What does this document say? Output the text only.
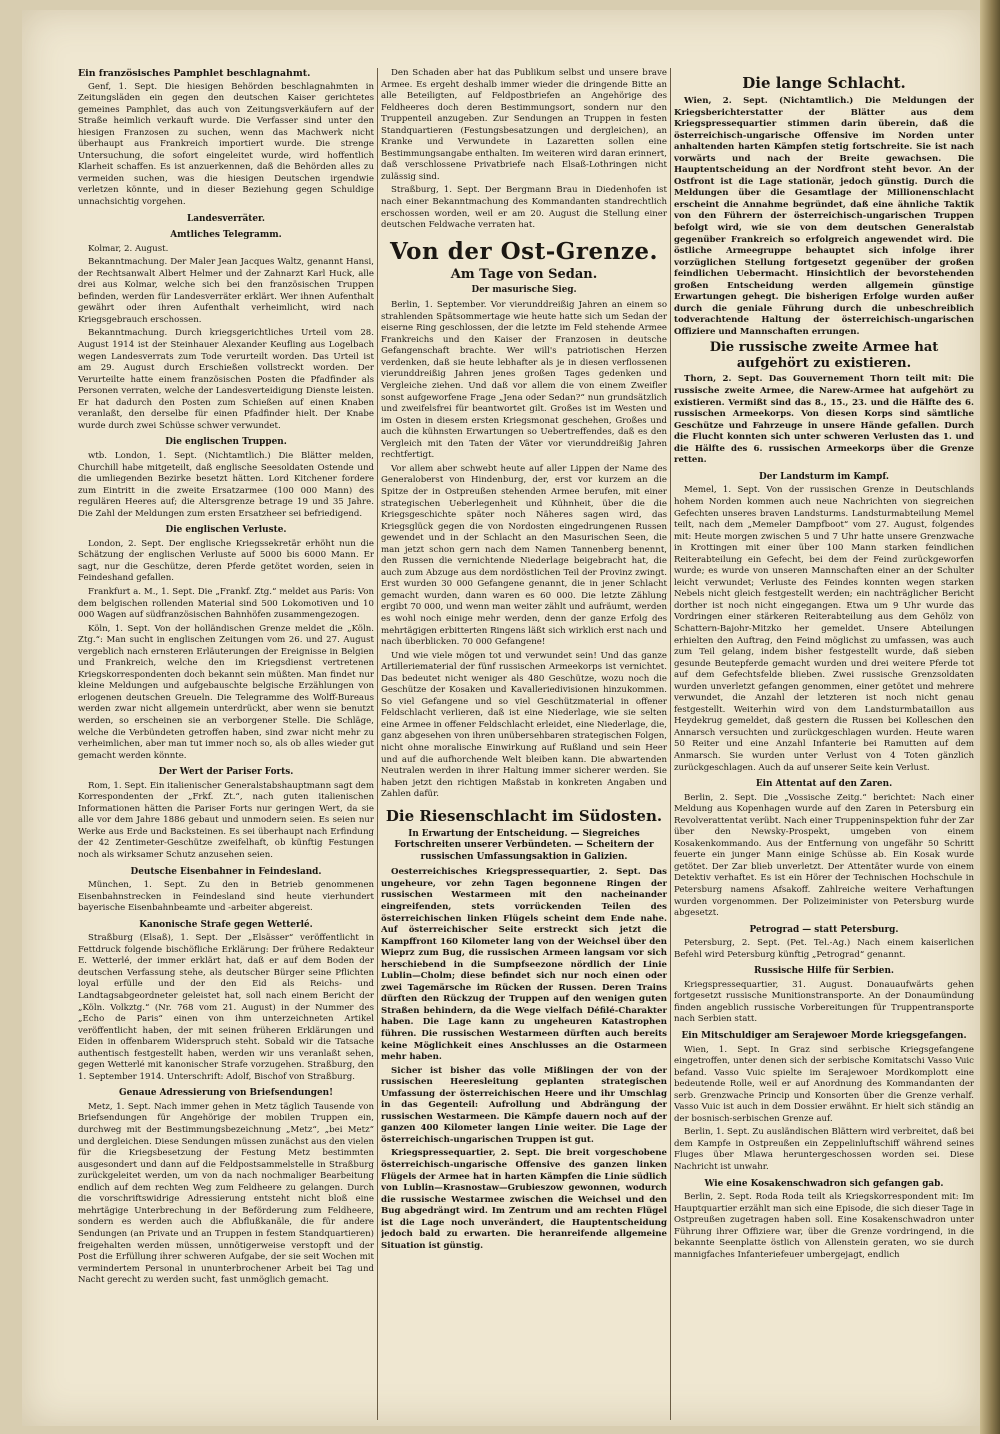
Ein französisches Pamphlet beschlagnahmt.

Genf, 1. Sept. Die hiesigen Behörden beschlagnahmten in Zeitungsläden ein gegen den deutschen Kaiser gerichtetes gemeines Pamphlet, das auch von Zeitungsverkäufern auf der Straße heimlich verkauft wurde. Die Verfasser sind unter den hiesigen Franzosen zu suchen, wenn das Machwerk nicht überhaupt aus Frankreich importiert wurde. Die strenge Untersuchung, die sofort eingeleitet wurde, wird hoffentlich Klarheit schaffen. Es ist anzuerkennen, daß die Behörden alles zu vermeiden suchen, was die hiesigen Deutschen irgendwie verletzen könnte, und in dieser Beziehung gegen Schuldige unnachsichtig vorgehen.

Landesverräter.
Amtliches Telegramm.

Kolmar, 2. August.

Bekanntmachung. Der Maler Jean Jacques Waltz, genannt Hansi, der Rechtsanwalt Albert Helmer und der Zahnarzt Karl Huck, alle drei aus Kolmar, welche sich bei den französischen Truppen befinden, werden für Landesverräter erklärt. Wer ihnen Aufenthalt gewährt oder ihren Aufenthalt verheimlicht, wird nach Kriegsgebrauch erschossen.

Bekanntmachung. Durch kriegsgerichtliches Urteil vom 28. August 1914 ist der Steinhauer Alexander Keufling aus Logelbach wegen Landesverrats zum Tode verurteilt worden. Das Urteil ist am 29. August durch Erschießen vollstreckt worden. Der Verurteilte hatte einem französischen Posten die Pfadfinder als Personen verraten, welche der Landesverteidigung Dienste leisten. Er hat dadurch den Posten zum Schießen auf einen Knaben veranlaßt, den derselbe für einen Pfadfinder hielt. Der Knabe wurde durch zwei Schüsse schwer verwundet.

Die englischen Truppen.

wtb. London, 1. Sept. (Nichtamtlich.) Die Blätter melden, Churchill habe mitgeteilt, daß englische Seesoldaten Ostende und die umliegenden Bezirke besetzt hätten. Lord Kitchener fordere zum Eintritt in die zweite Ersatzarmee (100 000 Mann) des regulären Heeres auf; die Altersgrenze betrage 19 und 35 Jahre. Die Zahl der Meldungen zum ersten Ersatzheer sei befriedigend.

Die englischen Verluste.

London, 2. Sept. Der englische Kriegssekretär erhöht nun die Schätzung der englischen Verluste auf 5000 bis 6000 Mann. Er sagt, nur die Geschütze, deren Pferde getötet worden, seien in Feindeshand gefallen.

Frankfurt a. M., 1. Sept. Die „Frankf. Ztg.“ meldet aus Paris: Von dem belgischen rollenden Material sind 500 Lokomotiven und 10 000 Wagen auf südfranzösischen Bahnhöfen zusammengezogen.

Köln, 1. Sept. Von der holländischen Grenze meldet die „Köln. Ztg.“: Man sucht in englischen Zeitungen vom 26. und 27. August vergeblich nach ernsteren Erläuterungen der Ereignisse in Belgien und Frankreich, welche den im Kriegsdienst vertretenen Kriegskorrespondenten doch bekannt sein müßten. Man findet nur kleine Meldungen und aufgebauschte belgische Erzählungen von erlogenen deutschen Greueln. Die Telegramme des Wolff-Bureaus werden zwar nicht allgemein unterdrückt, aber wenn sie benutzt werden, so erscheinen sie an verborgener Stelle. Die Schläge, welche die Verbündeten getroffen haben, sind zwar nicht mehr zu verheimlichen, aber man tut immer noch so, als ob alles wieder gut gemacht werden könnte.

Der Wert der Pariser Forts.

Rom, 1. Sept. Ein italienischer Generalstabshauptmann sagt dem Korrespondenten der „Frkf. Zt.“, nach guten italienischen Informationen hätten die Pariser Forts nur geringen Wert, da sie alle vor dem Jahre 1886 gebaut und unmodern seien. Es seien nur Werke aus Erde und Backsteinen. Es sei überhaupt nach Erfindung der 42 Zentimeter-Geschütze zweifelhaft, ob künftig Festungen noch als wirksamer Schutz anzusehen seien.

Deutsche Eisenbahner in Feindesland.

München, 1. Sept. Zu den in Betrieb genommenen Eisenbahnstrecken in Feindesland sind heute vierhundert bayerische Eisenbahnbeamte und -arbeiter abgereist.

Kanonische Strafe gegen Wetterlé.

Straßburg (Elsaß), 1. Sept. Der „Elsässer“ veröffentlicht in Fettdruck folgende bischöfliche Erklärung: Der frühere Redakteur E. Wetterlé, der immer erklärt hat, daß er auf dem Boden der deutschen Verfassung stehe, als deutscher Bürger seine Pflichten loyal erfülle und der den Eid als Reichs- und Landtagsabgeordneter geleistet hat, soll nach einem Bericht der „Köln. Volkztg.“ (Nr. 768 vom 21. August) in der Nummer des „Echo de Paris“ einen von ihm unterzeichneten Artikel veröffentlicht haben, der mit seinen früheren Erklärungen und Eiden in offenbarem Widerspruch steht. Sobald wir die Tatsache authentisch festgestellt haben, werden wir uns veranlaßt sehen, gegen Wetterlé mit kanonischer Strafe vorzugehen. Straßburg, den 1. September 1914. Unterschrift: Adolf, Bischof von Straßburg.

Genaue Adressierung von Briefsendungen!

Metz, 1. Sept. Nach immer gehen in Metz täglich Tausende von Briefsendungen für Angehörige der mobilen Truppen ein, durchweg mit der Bestimmungsbezeichnung „Metz“, „bei Metz“ und dergleichen. Diese Sendungen müssen zunächst aus den vielen für die Kriegsbesetzung der Festung Metz bestimmten ausgesondert und dann auf die Feldpostsammelstelle in Straßburg zurückgeleitet werden, um von da nach nochmaliger Bearbeitung endlich auf dem rechten Weg zum Feldheere zu gelangen. Durch die vorschriftswidrige Adressierung entsteht nicht bloß eine mehrtägige Unterbrechung in der Beförderung zum Feldheere, sondern es werden auch die Abflußkanäle, die für andere Sendungen (an Private und an Truppen in festem Standquartieren) freigehalten werden müssen, unnötigerweise verstopft und der Post die Erfüllung ihrer schweren Aufgabe, der sie seit Wochen mit vermindertem Personal in ununterbrochener Arbeit bei Tag und Nacht gerecht zu werden sucht, fast unmöglich gemacht.

Den Schaden aber hat das Publikum selbst und unsere brave Armee. Es ergeht deshalb immer wieder die dringende Bitte an alle Beteiligten, auf Feldpostbriefen an Angehörige des Feldheeres doch deren Bestimmungsort, sondern nur den Truppenteil anzugeben. Zur Sendungen an Truppen in festen Standquartieren (Festungsbesatzungen und dergleichen), an Kranke und Verwundete in Lazaretten sollen eine Bestimmungsangabe enthalten. Im weiteren wird daran erinnert, daß verschlossene Privatbriefe nach Elsaß-Lothringen nicht zulässig sind.

Straßburg, 1. Sept. Der Bergmann Brau in Diedenhofen ist nach einer Bekanntmachung des Kommandanten standrechtlich erschossen worden, weil er am 20. August die Stellung einer deutschen Feldwache verraten hat.

Von der Ost-Grenze.
Am Tage von Sedan.
Der masurische Sieg.

Berlin, 1. September. Vor vierunddreißig Jahren an einem so strahlenden Spätsommertage wie heute hatte sich um Sedan der eiserne Ring geschlossen, der die letzte im Feld stehende Armee Frankreichs und den Kaiser der Franzosen in deutsche Gefangenschaft brachte. Wer will's patriotischen Herzen verdenken, daß sie heute lebhafter als je in diesen verflossenen vierunddreißig Jahren jenes großen Tages gedenken und Vergleiche ziehen. Und daß vor allem die von einem Zweifler sonst aufgeworfene Frage „Jena oder Sedan?“ nun grundsätzlich und zweifelsfrei für beantwortet gilt. Großes ist im Westen und im Osten in diesem ersten Kriegsmonat geschehen, Großes und auch die kühnsten Erwartungen so Uebertreffendes, daß es den Vergleich mit den Taten der Väter vor vierunddreißig Jahren rechtfertigt.

Vor allem aber schwebt heute auf aller Lippen der Name des Generaloberst von Hindenburg, der, erst vor kurzem an die Spitze der in Ostpreußen stehenden Armee berufen, mit einer strategischen Ueberlegenheit und Kühnheit, über die die Kriegsgeschichte später noch Näheres sagen wird, das Kriegsglück gegen die von Nordosten eingedrungenen Russen gewendet und in der Schlacht an den Masurischen Seen, die man jetzt schon gern nach dem Namen Tannenberg benennt, den Russen die vernichtende Niederlage beigebracht hat, die auch zum Abzuge aus dem nordöstlichen Teil der Provinz zwingt. Erst wurden 30 000 Gefangene genannt, die in jener Schlacht gemacht wurden, dann waren es 60 000. Die letzte Zählung ergibt 70 000, und wenn man weiter zählt und aufräumt, werden es wohl noch einige mehr werden, denn der ganze Erfolg des mehrtägigen erbitterten Ringens läßt sich wirklich erst nach und nach überblicken. 70 000 Gefangene!

Und wie viele mögen tot und verwundet sein! Und das ganze Artilleriematerial der fünf russischen Armeekorps ist vernichtet. Das bedeutet nicht weniger als 480 Geschütze, wozu noch die Geschütze der Kosaken und Kavalleriedivisionen hinzukommen. So viel Gefangene und so viel Geschützmaterial in offener Feldschlacht verlieren, daß ist eine Niederlage, wie sie selten eine Armee in offener Feldschlacht erleidet, eine Niederlage, die, ganz abgesehen von ihren unübersehbaren strategischen Folgen, nicht ohne moralische Einwirkung auf Rußland und sein Heer und auf die aufhorchende Welt bleiben kann. Die abwartenden Neutralen werden in ihrer Haltung immer sicherer werden. Sie haben jetzt den richtigen Maßstab in konkreten Angaben und Zahlen dafür.

Die Riesenschlacht im Südosten.
In Erwartung der Entscheidung. — Siegreiches Fortschreiten unserer Verbündeten. — Scheitern der russischen Umfassungsaktion in Galizien.

Oesterreichisches Kriegspressequartier, 2. Sept. Das ungeheure, vor zehn Tagen begonnene Ringen der russischen Westarmeen mit den nacheinander eingreifenden, stets vorrückenden Teilen des österreichischen linken Flügels scheint dem Ende nahe. Auf österreichischer Seite erstreckt sich jetzt die Kampffront 160 Kilometer lang von der Weichsel über den Wieprz zum Bug, die russischen Armeen langsam vor sich herschiebend in die Sumpfseezone nördlich der Linie Lublin—Cholm; diese befindet sich nur noch einen oder zwei Tagemärsche im Rücken der Russen. Deren Trains dürften den Rückzug der Truppen auf den wenigen guten Straßen behindern, da die Wege vielfach Défilé-Charakter haben. Die Lage kann zu ungeheuren Katastrophen führen. Die russischen Westarmeen dürften auch bereits keine Möglichkeit eines Anschlusses an die Ostarmeen mehr haben.

Sicher ist bisher das volle Mißlingen der von der russischen Heeresleitung geplanten strategischen Umfassung der österreichischen Heere und ihr Umschlag in das Gegenteil: Aufrollung und Abdrängung der russischen Westarmeen. Die Kämpfe dauern noch auf der ganzen 400 Kilometer langen Linie weiter. Die Lage der österreichisch-ungarischen Truppen ist gut.

Kriegspressequartier, 2. Sept. Die breit vorgeschobene österreichisch-ungarische Offensive des ganzen linken Flügels der Armee hat in harten Kämpfen die Linie südlich von Lublin—Krasnostaw—Grubieszow gewonnen, wodurch die russische Westarmee zwischen die Weichsel und den Bug abgedrängt wird. Im Zentrum und am rechten Flügel ist die Lage noch unverändert, die Hauptentscheidung jedoch bald zu erwarten. Die heranreifende allgemeine Situation ist günstig.

Die lange Schlacht.

Wien, 2. Sept. (Nichtamtlich.) Die Meldungen der Kriegsberichterstatter der Blätter aus dem Kriegspressequartier stimmen darin überein, daß die österreichisch-ungarische Offensive im Norden unter anhaltenden harten Kämpfen stetig fortschreite. Sie ist nach vorwärts und nach der Breite gewachsen. Die Hauptentscheidung an der Nordfront steht bevor. An der Ostfront ist die Lage stationär, jedoch günstig. Durch die Meldungen über die Gesamtlage der Millionenschlacht erscheint die Annahme begründet, daß eine ähnliche Taktik von den Führern der österreichisch-ungarischen Truppen befolgt wird, wie sie von dem deutschen Generalstab gegenüber Frankreich so erfolgreich angewendet wird. Die östliche Armeegruppe behauptet sich infolge ihrer vorzüglichen Stellung fortgesetzt gegenüber der großen feindlichen Uebermacht. Hinsichtlich der bevorstehenden großen Entscheidung werden allgemein günstige Erwartungen gehegt. Die bisherigen Erfolge wurden außer durch die geniale Führung durch die unbeschreiblich todverachtende Haltung der österreichisch-ungarischen Offiziere und Mannschaften errungen.

Die russische zweite Armee hat aufgehört zu existieren.

Thorn, 2. Sept. Das Gouvernement Thorn teilt mit: Die russische zweite Armee, die Narew-Armee hat aufgehört zu existieren. Vermißt sind das 8., 15., 23. und die Hälfte des 6. russischen Armeekorps. Von diesen Korps sind sämtliche Geschütze und Fahrzeuge in unsere Hände gefallen. Durch die Flucht konnten sich unter schweren Verlusten das 1. und die Hälfte des 6. russischen Armeekorps über die Grenze retten.

Der Landsturm im Kampf.

Memel, 1. Sept. Von der russischen Grenze in Deutschlands hohem Norden kommen auch neue Nachrichten von siegreichen Gefechten unseres braven Landsturms. Landsturmabteilung Memel teilt, nach dem „Memeler Dampfboot“ vom 27. August, folgendes mit: Heute morgen zwischen 5 und 7 Uhr hatte unsere Grenzwache in Krottingen mit einer über 100 Mann starken feindlichen Reiterabteilung ein Gefecht, bei dem der Feind zurückgeworfen wurde; es wurde von unseren Mannschaften einer an der Schulter leicht verwundet; Verluste des Feindes konnten wegen starken Nebels nicht gleich festgestellt werden; ein nachträglicher Bericht dorther ist noch nicht eingegangen. Etwa um 9 Uhr wurde das Vordringen einer stärkeren Reiterabteilung aus dem Gehölz von Schattern-Bajohr-Mitzko her gemeldet. Unsere Abteilungen erhielten den Auftrag, den Feind möglichst zu umfassen, was auch zum Teil gelang, indem bisher festgestellt wurde, daß sieben gesunde Beutepferde gemacht wurden und drei weitere Pferde tot auf dem Gefechtsfelde blieben. Zwei russische Grenzsoldaten wurden unverletzt gefangen genommen, einer getötet und mehrere verwundet, die Anzahl der letzteren ist noch nicht genau festgestellt. Weiterhin wird von dem Landsturmbataillon aus Heydekrug gemeldet, daß gestern die Russen bei Kolleschen den Annarsch versuchten und zurückgeschlagen wurden. Heute waren 50 Reiter und eine Anzahl Infanterie bei Ramutten auf dem Anmarsch. Sie wurden unter Verlust von 4 Toten gänzlich zurückgeschlagen. Auch da auf unserer Seite kein Verlust.

Ein Attentat auf den Zaren.

Berlin, 2. Sept. Die „Vossische Zeitg.“ berichtet: Nach einer Meldung aus Kopenhagen wurde auf den Zaren in Petersburg ein Revolverattentat verübt. Nach einer Truppeninspektion fuhr der Zar über den Newsky-Prospekt, umgeben von einem Kosakenkommando. Aus der Entfernung von ungefähr 50 Schritt feuerte ein junger Mann einige Schüsse ab. Ein Kosak wurde getötet. Der Zar blieb unverletzt. Der Attentäter wurde von einem Detektiv verhaftet. Es ist ein Hörer der Technischen Hochschule in Petersburg namens Afsakoff. Zahlreiche weitere Verhaftungen wurden vorgenommen. Der Polizeiminister von Petersburg wurde abgesetzt.

Petrograd — statt Petersburg.

Petersburg, 2. Sept. (Pet. Tel.-Ag.) Nach einem kaiserlichen Befehl wird Petersburg künftig „Petrograd“ genannt.

Russische Hilfe für Serbien.

Kriegspressequartier, 31. August. Donauaufwärts gehen fortgesetzt russische Munitionstransporte. An der Donaumündung finden angeblich russische Vorbereitungen für Truppentransporte nach Serbien statt.

Ein Mitschuldiger am Serajewoer Morde kriegsgefangen.

Wien, 1. Sept. In Graz sind serbische Kriegsgefangene eingetroffen, unter denen sich der serbische Komitatschi Vasso Vuic befand. Vasso Vuic spielte im Serajewoer Mordkomplott eine bedeutende Rolle, weil er auf Anordnung des Kommandanten der serb. Grenzwache Princip und Konsorten über die Grenze verhalf. Vasso Vuic ist auch in dem Dossier erwähnt. Er hielt sich ständig an der bosnisch-serbischen Grenze auf.

Berlin, 1. Sept. Zu ausländischen Blättern wird verbreitet, daß bei dem Kampfe in Ostpreußen ein Zeppelinluftschiff während seines Fluges über Mlawa heruntergeschossen worden sei. Diese Nachricht ist unwahr.

Wie eine Kosakenschwadron sich gefangen gab.

Berlin, 2. Sept. Roda Roda teilt als Kriegskorrespondent mit: Im Hauptquartier erzählt man sich eine Episode, die sich dieser Tage in Ostpreußen zugetragen haben soll. Eine Kosakenschwadron unter Führung ihrer Offiziere war, über die Grenze vordringend, in die bekannte Seenplatte östlich von Allenstein geraten, wo sie durch mannigfaches Infanteriefeuer umbergejagt, endlich
